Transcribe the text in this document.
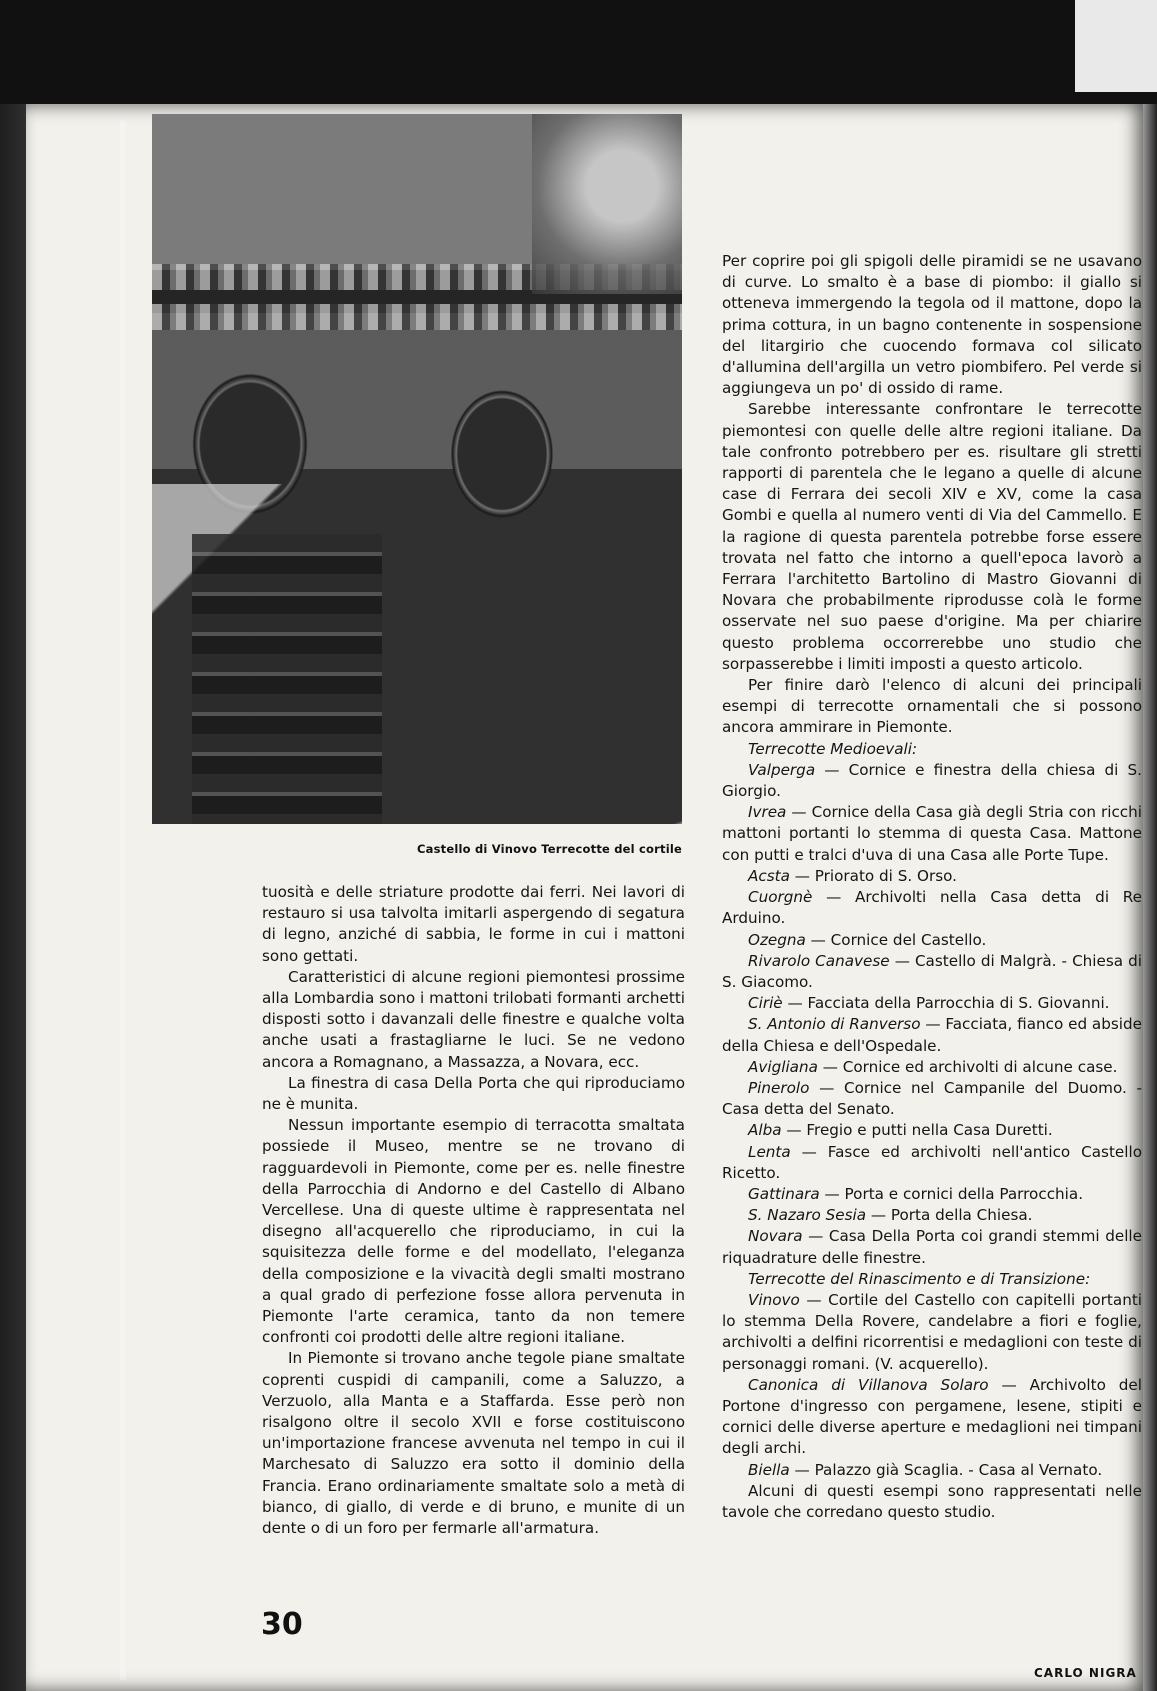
Castello di Vinovo Terrecotte del cortile

tuosità e delle striature prodotte dai ferri. Nei lavori di restauro si usa talvolta imitarli aspergendo di segatura di legno, anziché di sabbia, le forme in cui i mattoni sono gettati.

Caratteristici di alcune regioni piemontesi prossime alla Lombardia sono i mattoni trilobati formanti archetti disposti sotto i davanzali delle finestre e qualche volta anche usati a frastagliarne le luci. Se ne vedono ancora a Romagnano, a Massazza, a Novara, ecc.

La finestra di casa Della Porta che qui riproduciamo ne è munita.

Nessun importante esempio di terracotta smaltata possiede il Museo, mentre se ne trovano di ragguardevoli in Piemonte, come per es. nelle finestre della Parrocchia di Andorno e del Castello di Albano Vercellese. Una di queste ultime è rappresentata nel disegno all'acquerello che riproduciamo, in cui la squisitezza delle forme e del modellato, l'eleganza della composizione e la vivacità degli smalti mostrano a qual grado di perfezione fosse allora pervenuta in Piemonte l'arte ceramica, tanto da non temere confronti coi prodotti delle altre regioni italiane.

In Piemonte si trovano anche tegole piane smaltate coprenti cuspidi di campanili, come a Saluzzo, a Verzuolo, alla Manta e a Staffarda. Esse però non risalgono oltre il secolo XVII e forse costituiscono un'importazione francese avvenuta nel tempo in cui il Marchesato di Saluzzo era sotto il dominio della Francia. Erano ordinariamente smaltate solo a metà di bianco, di giallo, di verde e di bruno, e munite di un dente o di un foro per fermarle all'armatura.

Per coprire poi gli spigoli delle piramidi se ne usavano di curve. Lo smalto è a base di piombo: il giallo si otteneva immergendo la tegola od il mattone, dopo la prima cottura, in un bagno contenente in sospensione del litargirio che cuocendo formava col silicato d'allumina dell'argilla un vetro piombifero. Pel verde si aggiungeva un po' di ossido di rame.

Sarebbe interessante confrontare le terrecotte piemontesi con quelle delle altre regioni italiane. Da tale confronto potrebbero per es. risultare gli stretti rapporti di parentela che le legano a quelle di alcune case di Ferrara dei secoli XIV e XV, come la casa Gombi e quella al numero venti di Via del Cammello. E la ragione di questa parentela potrebbe forse essere trovata nel fatto che intorno a quell'epoca lavorò a Ferrara l'architetto Bartolino di Mastro Giovanni di Novara che probabilmente riprodusse colà le forme osservate nel suo paese d'origine. Ma per chiarire questo problema occorrerebbe uno studio che sorpasserebbe i limiti imposti a questo articolo.

Per finire darò l'elenco di alcuni dei principali esempi di terrecotte ornamentali che si possono ancora ammirare in Piemonte.

Terrecotte Medioevali:

Valperga — Cornice e finestra della chiesa di S. Giorgio.

Ivrea — Cornice della Casa già degli Stria con ricchi mattoni portanti lo stemma di questa Casa. Mattone con putti e tralci d'uva di una Casa alle Porte Tupe.

Acsta — Priorato di S. Orso.

Cuorgnè — Archivolti nella Casa detta di Re Arduino.

Ozegna — Cornice del Castello.

Rivarolo Canavese — Castello di Malgrà. - Chiesa di S. Giacomo.

Ciriè — Facciata della Parrocchia di S. Giovanni.

S. Antonio di Ranverso — Facciata, fianco ed abside della Chiesa e dell'Ospedale.

Avigliana — Cornice ed archivolti di alcune case.

Pinerolo — Cornice nel Campanile del Duomo. - Casa detta del Senato.

Alba — Fregio e putti nella Casa Duretti.

Lenta — Fasce ed archivolti nell'antico Castello Ricetto.

Gattinara — Porta e cornici della Parrocchia.

S. Nazaro Sesia — Porta della Chiesa.

Novara — Casa Della Porta coi grandi stemmi delle riquadrature delle finestre.

Terrecotte del Rinascimento e di Transizione:

Vinovo — Cortile del Castello con capitelli portanti lo stemma Della Rovere, candelabre a fiori e foglie, archivolti a delfini ricorrentisi e medaglioni con teste di personaggi romani. (V. acquerello).

Canonica di Villanova Solaro — Archivolto del Portone d'ingresso con pergamene, lesene, stipiti e cornici delle diverse aperture e medaglioni nei timpani degli archi.

Biella — Palazzo già Scaglia. - Casa al Vernato.

Alcuni di questi esempi sono rappresentati nelle tavole che corredano questo studio.

CARLO NIGRA
30
